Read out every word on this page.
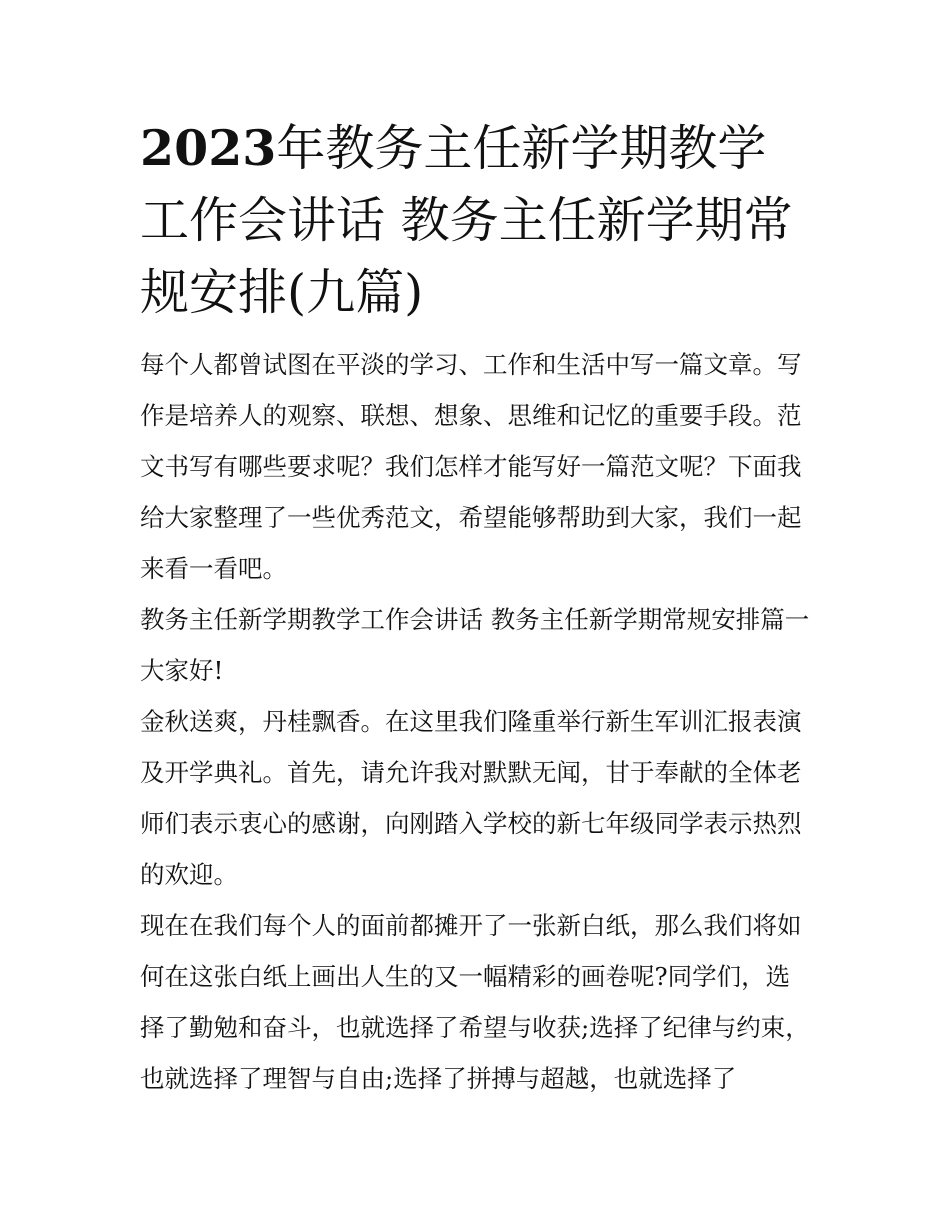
2023年教务主任新学期教学工作会讲话 教务主任新学期常规安排(九篇)

每个人都曾试图在平淡的学习、工作和生活中写一篇文章。写作是培养人的观察、联想、想象、思维和记忆的重要手段。范文书写有哪些要求呢？我们怎样才能写好一篇范文呢？下面我给大家整理了一些优秀范文，希望能够帮助到大家，我们一起来看一看吧。

教务主任新学期教学工作会讲话 教务主任新学期常规安排篇一 大家好!

金秋送爽，丹桂飘香。在这里我们隆重举行新生军训汇报表演及开学典礼。首先，请允许我对默默无闻，甘于奉献的全体老师们表示衷心的感谢，向刚踏入学校的新七年级同学表示热烈的欢迎。

现在在我们每个人的面前都摊开了一张新白纸，那么我们将如何在这张白纸上画出人生的又一幅精彩的画卷呢?同学们，选择了勤勉和奋斗，也就选择了希望与收获;选择了纪律与约束，也就选择了理智与自由;选择了拼搏与超越，也就选择了
